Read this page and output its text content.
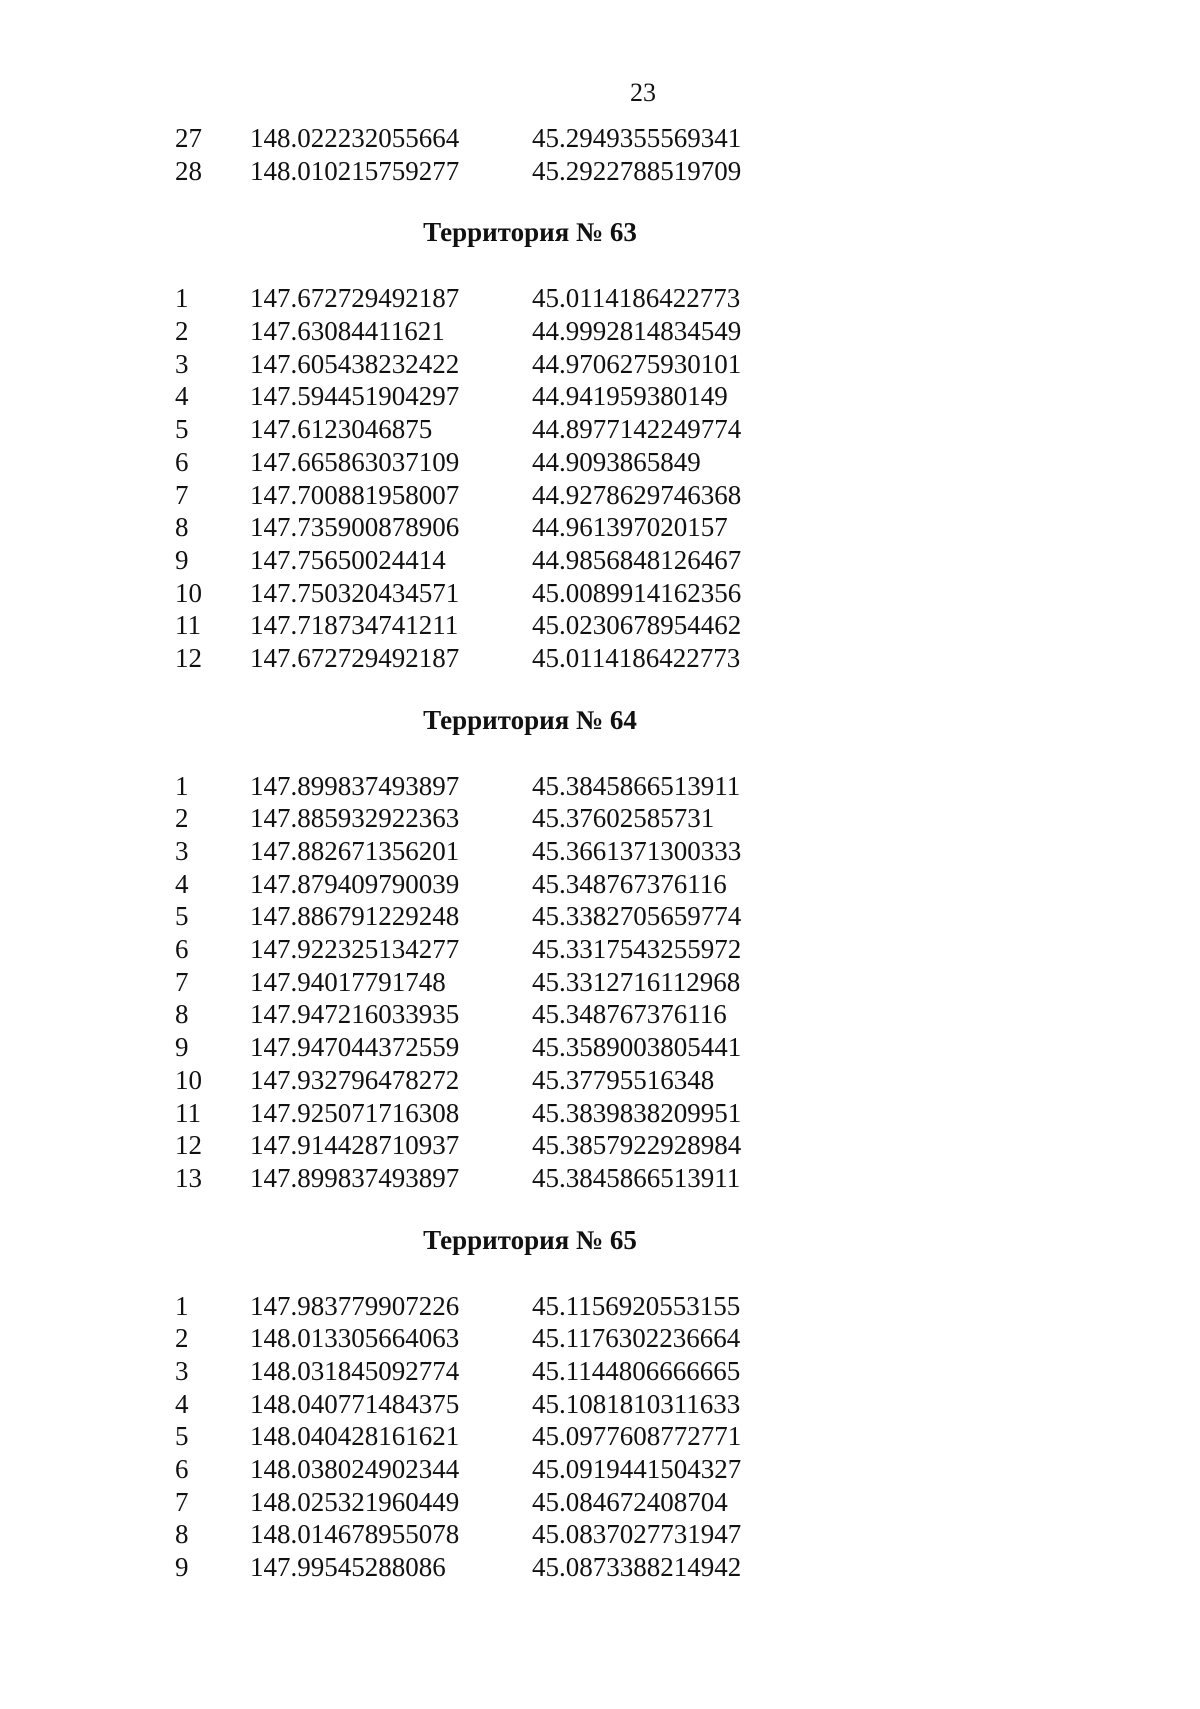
23
27 148.022232055664	45.2949355569341
28 148.010215759277	45.2922788519709
Территория № 63
1 147.672729492187	45.0114186422773
2 147.63084411621	44.9992814834549
3 147.605438232422	44.9706275930101
4 147.594451904297	44.941959380149
5 147.6123046875	44.8977142249774
6 147.665863037109	44.9093865849
7 147.700881958007	44.9278629746368
8 147.735900878906	44.961397020157
9 147.75650024414	44.9856848126467
10 147.750320434571	45.0089914162356
11 147.718734741211	45.0230678954462
12 147.672729492187	45.0114186422773
Территория № 64
1 147.899837493897	45.3845866513911
2 147.885932922363	45.37602585731
3 147.882671356201	45.3661371300333
4 147.879409790039	45.348767376116
5 147.886791229248	45.3382705659774
6 147.922325134277	45.3317543255972
7 147.94017791748	45.3312716112968
8 147.947216033935	45.348767376116
9 147.947044372559	45.3589003805441
10 147.932796478272	45.37795516348
11 147.925071716308	45.3839838209951
12 147.914428710937	45.3857922928984
13 147.899837493897	45.3845866513911
Территория № 65
1 147.983779907226	45.1156920553155
2 148.013305664063	45.1176302236664
3 148.031845092774	45.1144806666665
4 148.040771484375	45.1081810311633
5 148.040428161621	45.0977608772771
6 148.038024902344	45.0919441504327
7 148.025321960449	45.084672408704
8 148.014678955078	45.0837027731947
9 147.99545288086	45.0873388214942
